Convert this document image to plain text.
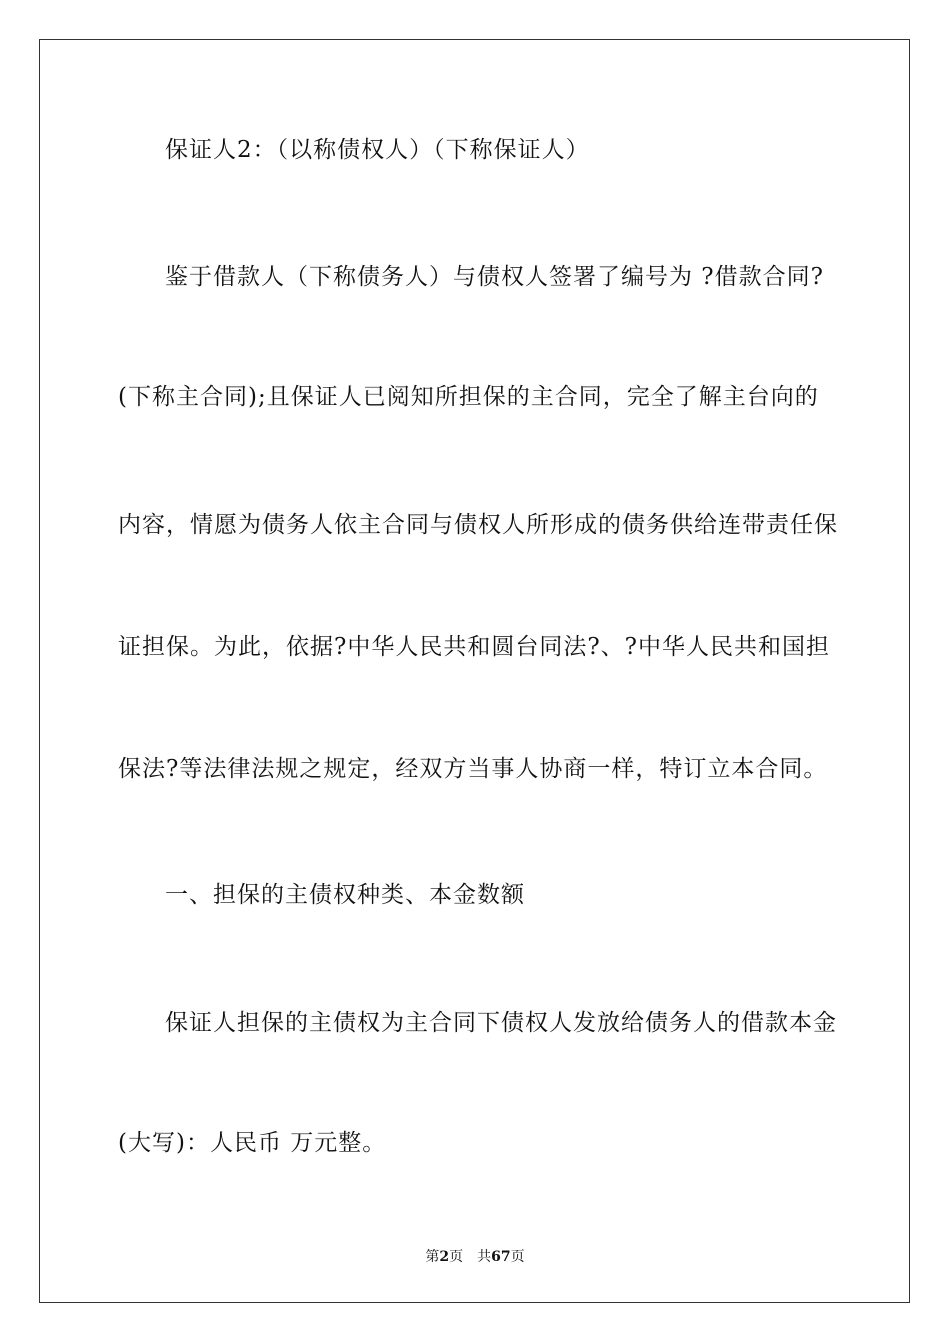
保证人2：（以称债权人）（下称保证人）
鉴于借款人（下称债务人）与债权人签署了编号为 ?借款合同?
(下称主合同);且保证人已阅知所担保的主合同，完全了解主台向的
内容，情愿为债务人依主合同与债权人所形成的债务供给连带责任保
证担保。为此，依据?中华人民共和圆台同法?、?中华人民共和国担
保法?等法律法规之规定，经双方当事人协商一样，特订立本合同。
一、担保的主债权种类、本金数额
保证人担保的主债权为主合同下债权人发放给债务人的借款本金
(大写)：人民币 万元整。
第2页 共67页
